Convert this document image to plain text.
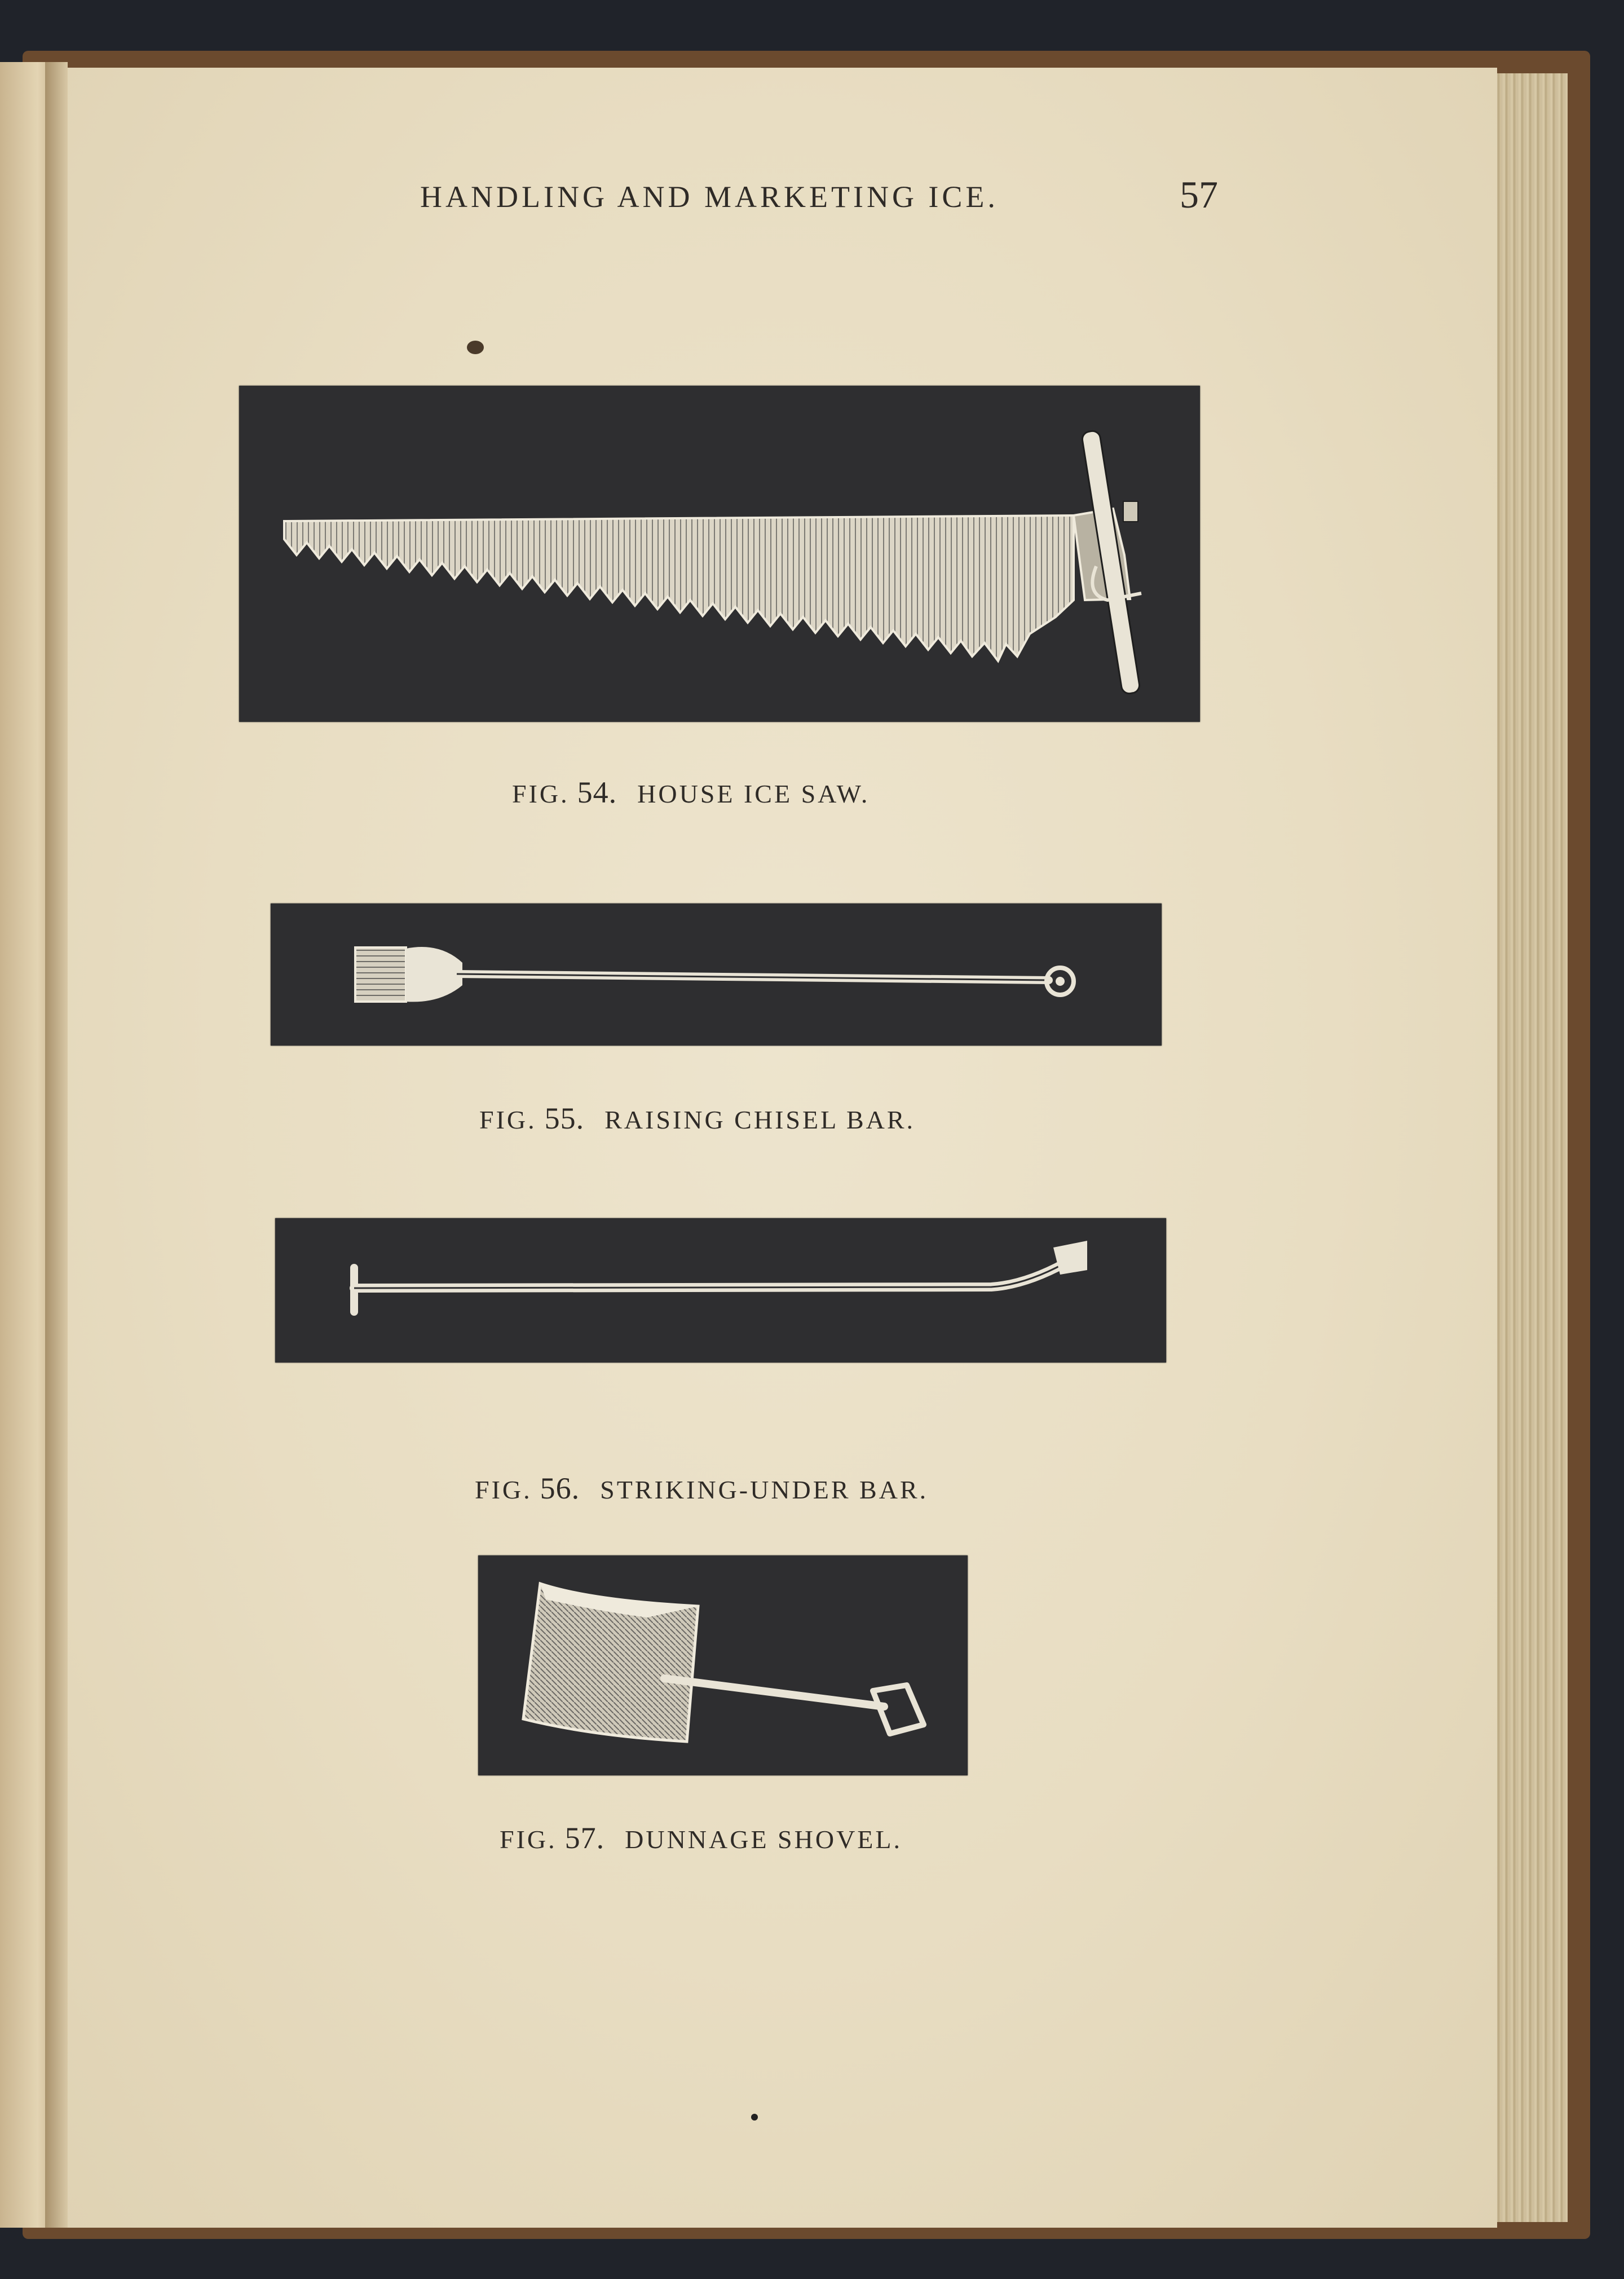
HANDLING AND MARKETING ICE.	57
FIG. 54. HOUSE ICE SAW.
FIG. 55. RAISING CHISEL BAR.
FIG. 56. STRIKING-UNDER BAR.
FIG. 57. DUNNAGE SHOVEL.
